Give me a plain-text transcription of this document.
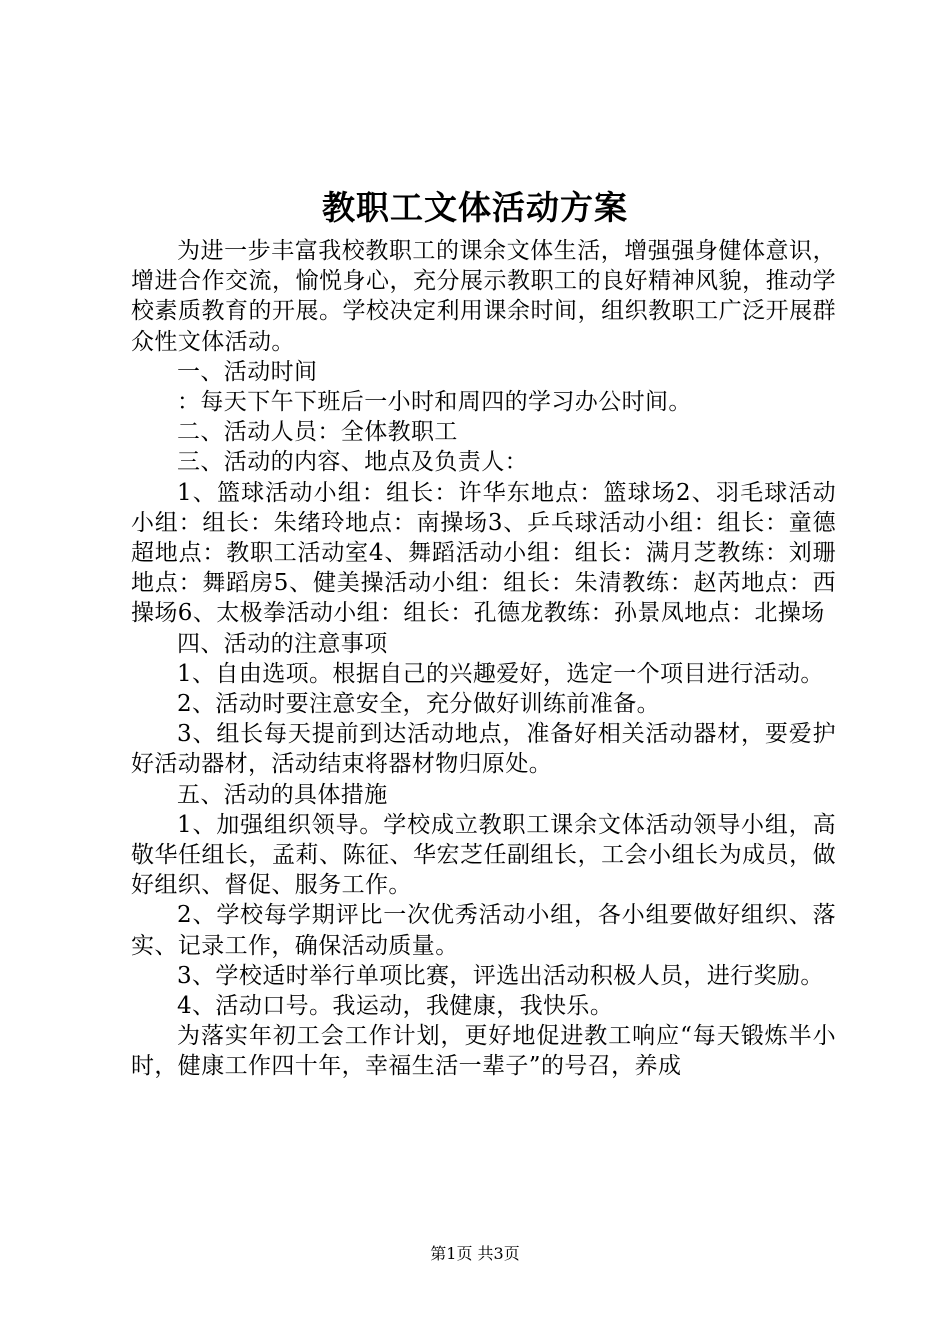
教职工文体活动方案

为进一步丰富我校教职工的课余文体生活，增强强身健体意识，增进合作交流，愉悦身心，充分展示教职工的良好精神风貌，推动学校素质教育的开展。学校决定利用课余时间，组织教职工广泛开展群众性文体活动。

一、活动时间

：每天下午下班后一小时和周四的学习办公时间。

二、活动人员：全体教职工

三、活动的内容、地点及负责人：

1、篮球活动小组：组长：许华东地点：篮球场2、羽毛球活动小组：组长：朱绪玲地点：南操场3、乒乓球活动小组：组长：童德超地点：教职工活动室4、舞蹈活动小组：组长：满月芝教练：刘珊地点：舞蹈房5、健美操活动小组：组长：朱清教练：赵芮地点：西操场6、太极拳活动小组：组长：孔德龙教练：孙景凤地点：北操场

四、活动的注意事项

1、自由选项。根据自己的兴趣爱好，选定一个项目进行活动。

2、活动时要注意安全，充分做好训练前准备。

3、组长每天提前到达活动地点，准备好相关活动器材，要爱护好活动器材，活动结束将器材物归原处。

五、活动的具体措施

1、加强组织领导。学校成立教职工课余文体活动领导小组，高敬华任组长，孟莉、陈征、华宏芝任副组长，工会小组长为成员，做好组织、督促、服务工作。

2、学校每学期评比一次优秀活动小组，各小组要做好组织、落实、记录工作，确保活动质量。

3、学校适时举行单项比赛，评选出活动积极人员，进行奖励。

4、活动口号。我运动，我健康，我快乐。

为落实年初工会工作计划，更好地促进教工响应“每天锻炼半小时，健康工作四十年，幸福生活一辈子”的号召，养成

第1页 共3页
